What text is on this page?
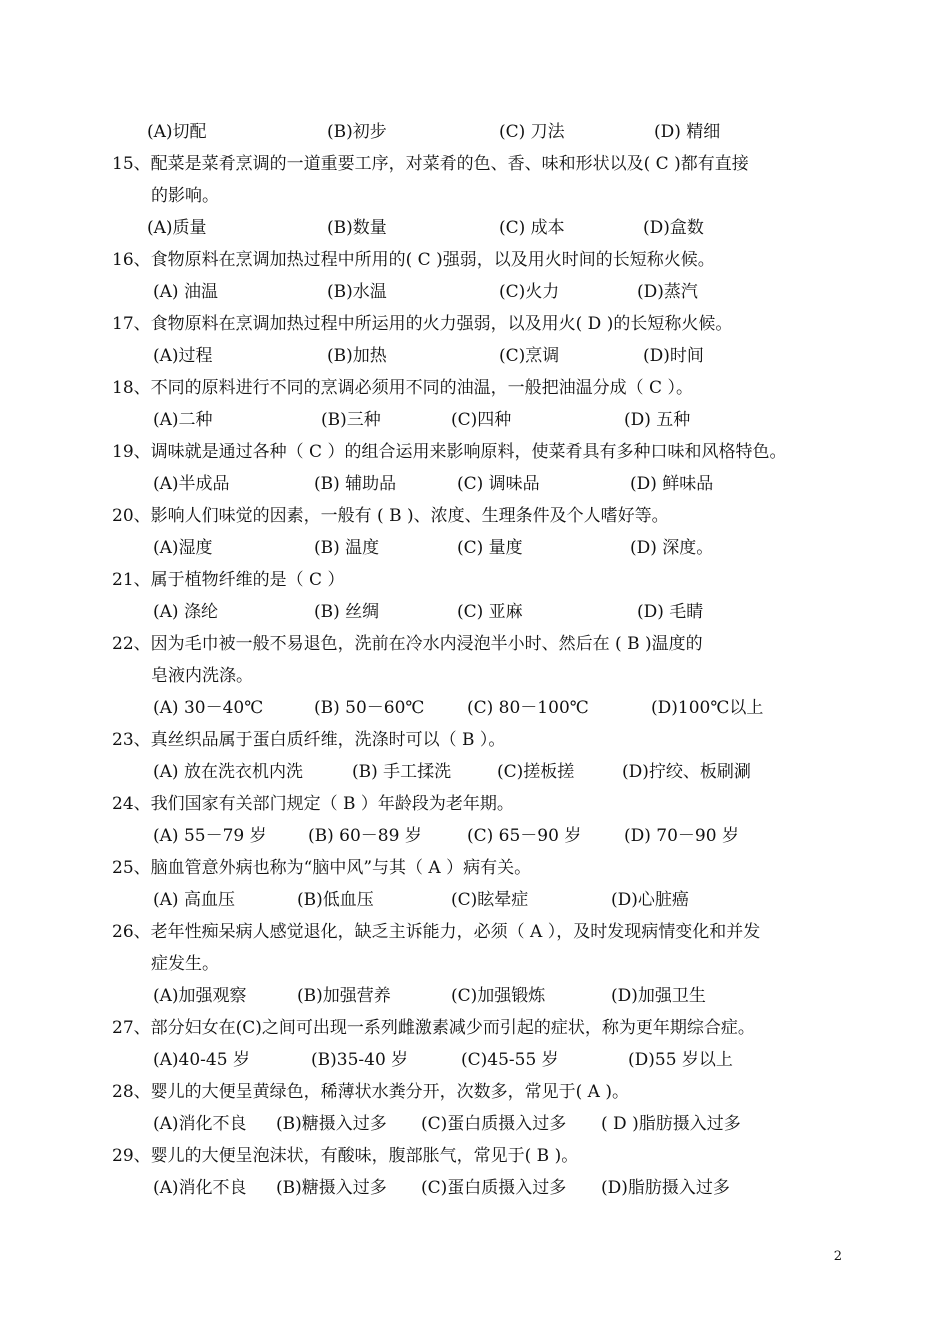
(A)切配	(B)初步	(C) 刀法	(D) 精细
15、配菜是菜肴烹调的一道重要工序，对菜肴的色、香、味和形状以及( C )都有直接
的影响。
(A)质量	(B)数量	(C) 成本	(D)盒数
16、食物原料在烹调加热过程中所用的( C )强弱，以及用火时间的长短称火候。
(A) 油温	(B)水温	(C)火力	(D)蒸汽
17、食物原料在烹调加热过程中所运用的火力强弱，以及用火( D )的长短称火候。
(A)过程	(B)加热	(C)烹调	(D)时间
18、不同的原料进行不同的烹调必须用不同的油温，一般把油温分成（ C ）。
(A)二种	(B)三种	(C)四种	(D) 五种
19、调味就是通过各种（ C ）的组合运用来影响原料，使菜肴具有多种口味和风格特色。
(A)半成品	(B) 辅助品	(C) 调味品	(D) 鲜味品
20、影响人们味觉的因素，一般有 ( B )、浓度、生理条件及个人嗜好等。
(A)湿度	(B) 温度	(C) 量度	(D) 深度。
21、属于植物纤维的是（ C ）
(A) 涤纶	(B) 丝绸	(C) 亚麻	(D) 毛睛
22、因为毛巾被一般不易退色，洗前在冷水内浸泡半小时、然后在 ( B )温度的
皂液内洗涤。
(A) 30－40℃	(B) 50－60℃	(C) 80－100℃	(D)100℃以上
23、真丝织品属于蛋白质纤维，洗涤时可以（ B ）。
(A) 放在洗衣机内洗	(B) 手工揉洗	(C)搓板搓	(D)拧绞、板刷涮
24、我们国家有关部门规定（ B ）年龄段为老年期。
(A) 55－79 岁 (B) 60－89 岁	(C) 65－90 岁	(D) 70－90 岁
25、脑血管意外病也称为“脑中风”与其（ A ）病有关。
(A) 高血压	(B)低血压	(C)眩晕症	(D)心脏癌
26、老年性痴呆病人感觉退化，缺乏主诉能力，必须（ A ），及时发现病情变化和并发
症发生。
(A)加强观察	(B)加强营养	(C)加强锻炼	(D)加强卫生
27、部分妇女在(C)之间可出现一系列雌激素减少而引起的症状，称为更年期综合症。
(A)40-45 岁	(B)35-40 岁	(C)45-55 岁	(D)55 岁以上
28、婴儿的大便呈黄绿色，稀薄状水粪分开，次数多，常见于( A )。
(A)消化不良 (B)糖摄入过多 (C)蛋白质摄入过多 ( D )脂肪摄入过多
29、婴儿的大便呈泡沫状，有酸味，腹部胀气，常见于( B )。
(A)消化不良 (B)糖摄入过多 (C)蛋白质摄入过多 (D)脂肪摄入过多
2
